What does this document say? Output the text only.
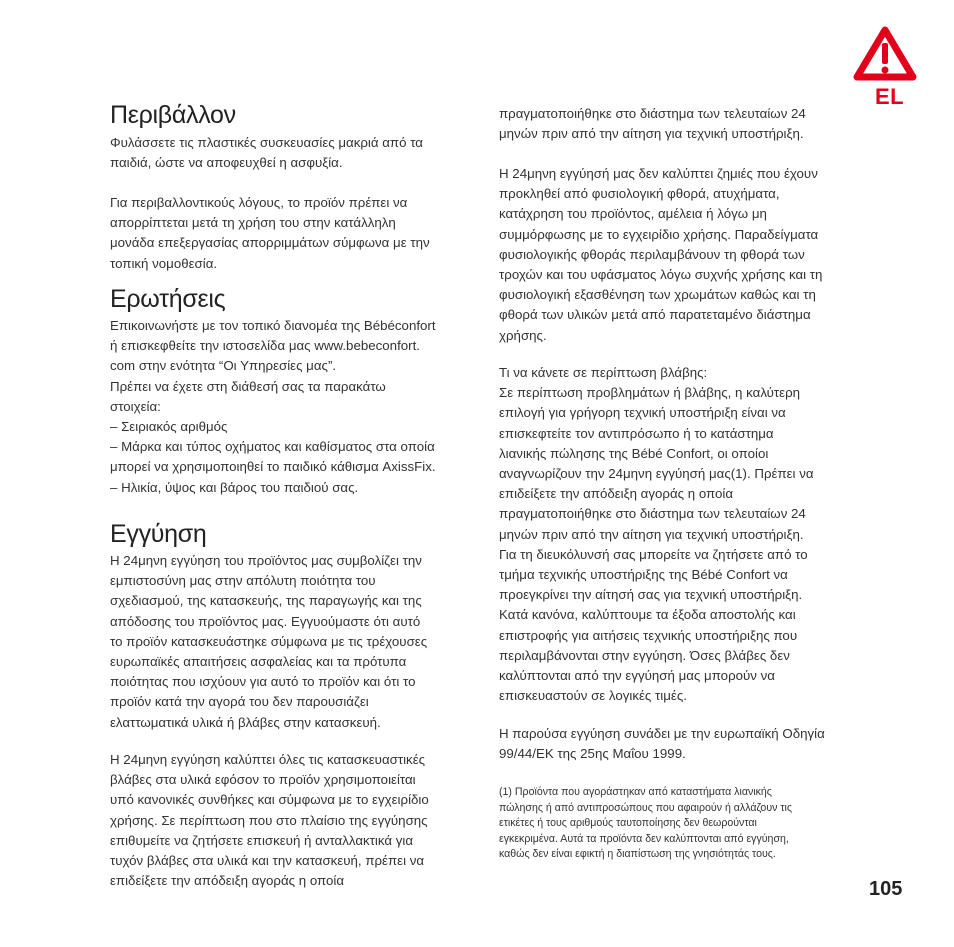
EL
Περιβάλλον

Φυλάσσετε τις πλαστικές συσκευασίες μακριά από τα

παιδιά, ώστε να αποφευχθεί η ασφυξία.

Για περιβαλλοντικούς λόγους, το προϊόν πρέπει να

απορρίπτεται μετά τη χρήση του στην κατάλληλη

μονάδα επεξεργασίας απορριμμάτων σύμφωνα με την

τοπική νομοθεσία.

Ερωτήσεις

Επικοινωνήστε με τον τοπικό διανομέα της Bébéconfort

ή επισκεφθείτε την ιστοσελίδα μας www.bebeconfort.

com στην ενότητα “Οι Υπηρεσίες μας”.

Πρέπει να έχετε στη διάθεσή σας τα παρακάτω

στοιχεία:

– Σειριακός αριθμός

– Μάρκα και τύπος οχήματος και καθίσματος στα οποία

μπορεί να χρησιμοποιηθεί το παιδικό κάθισμα AxissFix.

– Ηλικία, ύψος και βάρος του παιδιού σας.

Εγγύηση

Η 24μηνη εγγύηση του προϊόντος μας συμβολίζει την

εμπιστοσύνη μας στην απόλυτη ποιότητα του

σχεδιασμού, της κατασκευής, της παραγωγής και της

απόδοσης του προϊόντος μας. Εγγυούμαστε ότι αυτό

το προϊόν κατασκευάστηκε σύμφωνα με τις τρέχουσες

ευρωπαϊκές απαιτήσεις ασφαλείας και τα πρότυπα

ποιότητας που ισχύουν για αυτό το προϊόν και ότι το

προϊόν κατά την αγορά του δεν παρουσιάζει

ελαττωματικά υλικά ή βλάβες στην κατασκευή.

Η 24μηνη εγγύηση καλύπτει όλες τις κατασκευαστικές

βλάβες στα υλικά εφόσον το προϊόν χρησιμοποιείται

υπό κανονικές συνθήκες και σύμφωνα με το εγχειρίδιο

χρήσης. Σε περίπτωση που στο πλαίσιο της εγγύησης

επιθυμείτε να ζητήσετε επισκευή ή ανταλλακτικά για

τυχόν βλάβες στα υλικά και την κατασκευή, πρέπει να

επιδείξετε την απόδειξη αγοράς η οποία

πραγματοποιήθηκε στο διάστημα των τελευταίων 24

μηνών πριν από την αίτηση για τεχνική υποστήριξη.

Η 24μηνη εγγύησή μας δεν καλύπτει ζημιές που έχουν

προκληθεί από φυσιολογική φθορά, ατυχήματα,

κατάχρηση του προϊόντος, αμέλεια ή λόγω μη

συμμόρφωσης με το εγχειρίδιο χρήσης. Παραδείγματα

φυσιολογικής φθοράς περιλαμβάνουν τη φθορά των

τροχών και του υφάσματος λόγω συχνής χρήσης και τη

φυσιολογική εξασθένηση των χρωμάτων καθώς και τη

φθορά των υλικών μετά από παρατεταμένο διάστημα

χρήσης.

Τι να κάνετε σε περίπτωση βλάβης:

Σε περίπτωση προβλημάτων ή βλάβης, η καλύτερη

επιλογή για γρήγορη τεχνική υποστήριξη είναι να

επισκεφτείτε τον αντιπρόσωπο ή το κατάστημα

λιανικής πώλησης της Bébé Confort, οι οποίοι

αναγνωρίζουν την 24μηνη εγγύησή μας(1). Πρέπει να

επιδείξετε την απόδειξη αγοράς η οποία

πραγματοποιήθηκε στο διάστημα των τελευταίων 24

μηνών πριν από την αίτηση για τεχνική υποστήριξη.

Για τη διευκόλυνσή σας μπορείτε να ζητήσετε από το

τμήμα τεχνικής υποστήριξης της Bébé Confort να

προεγκρίνει την αίτησή σας για τεχνική υποστήριξη.

Κατά κανόνα, καλύπτουμε τα έξοδα αποστολής και

επιστροφής για αιτήσεις τεχνικής υποστήριξης που

περιλαμβάνονται στην εγγύηση. Όσες βλάβες δεν

καλύπτονται από την εγγύησή μας μπορούν να

επισκευαστούν σε λογικές τιμές.

Η παρούσα εγγύηση συνάδει με την ευρωπαϊκή Οδηγία

99/44/ΕΚ της 25ης Μαΐου 1999.

(1) Προϊόντα που αγοράστηκαν από καταστήματα λιανικής

πώλησης ή από αντιπροσώπους που αφαιρούν ή αλλάζουν τις

ετικέτες ή τους αριθμούς ταυτοποίησης δεν θεωρούνται

εγκεκριμένα. Αυτά τα προϊόντα δεν καλύπτονται από εγγύηση,

καθώς δεν είναι εφικτή η διαπίστωση της γνησιότητάς τους.

105
